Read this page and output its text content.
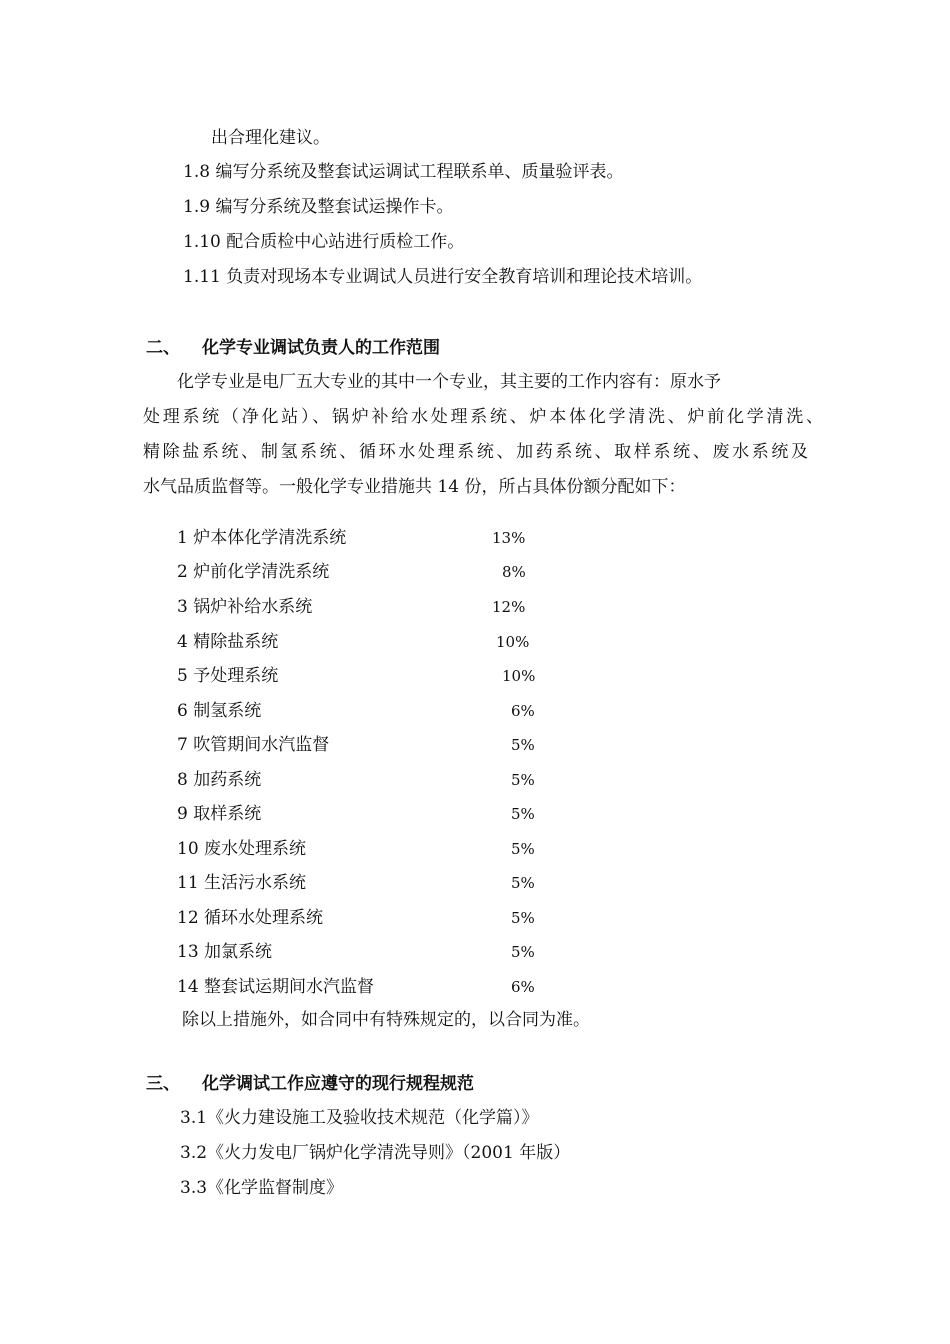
出合理化建议。
1.8 编写分系统及整套试运调试工程联系单、质量验评表。
1.9 编写分系统及整套试运操作卡。
1.10 配合质检中心站进行质检工作。
1.11 负责对现场本专业调试人员进行安全教育培训和理论技术培训。
二、 化学专业调试负责人的工作范围
化学专业是电厂五大专业的其中一个专业，其主要的工作内容有：原水予
处理系统（净化站）、锅炉补给水处理系统、炉本体化学清洗、炉前化学清洗、
精除盐系统、制氢系统、循环水处理系统、加药系统、取样系统、废水系统及
水气品质监督等。一般化学专业措施共 14 份，所占具体份额分配如下：
1 炉本体化学清洗系统	13%
2 炉前化学清洗系统	8%
3 锅炉补给水系统	12%
4 精除盐系统	10%
5 予处理系统	10%
6 制氢系统	6%
7 吹管期间水汽监督	5%
8 加药系统	5%
9 取样系统	5%
10 废水处理系统	5%
11 生活污水系统	5%
12 循环水处理系统	5%
13 加氯系统	5%
14 整套试运期间水汽监督	6%
除以上措施外，如合同中有特殊规定的，以合同为准。
三、 化学调试工作应遵守的现行规程规范
3.1《火力建设施工及验收技术规范（化学篇）》
3.2《火力发电厂锅炉化学清洗导则》（2001 年版）
3.3《化学监督制度》
